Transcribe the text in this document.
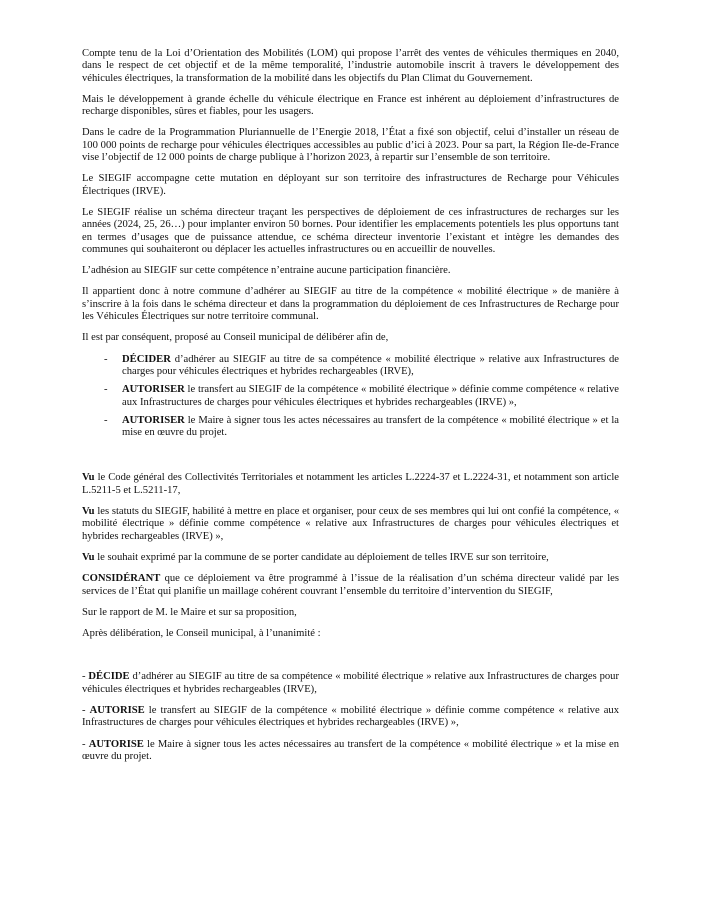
Compte tenu de la Loi d’Orientation des Mobilités (LOM) qui propose l’arrêt des ventes de véhicules thermiques en 2040, dans le respect de cet objectif et de la même temporalité, l’industrie automobile inscrit à travers le développement des véhicules électriques, la transformation de la mobilité dans les objectifs du Plan Climat du Gouvernement.

Mais le développement à grande échelle du véhicule électrique en France est inhérent au déploiement d’infrastructures de recharge disponibles, sûres et fiables, pour les usagers.

Dans le cadre de la Programmation Pluriannuelle de l’Energie 2018, l’État a fixé son objectif, celui d’installer un réseau de 100 000 points de recharge pour véhicules électriques accessibles au public d’ici à 2023. Pour sa part, la Région Ile-de-France vise l’objectif de 12 000 points de charge publique à l’horizon 2023, à repartir sur l’ensemble de son territoire.

Le SIEGIF accompagne cette mutation en déployant sur son territoire des infrastructures de Recharge pour Véhicules Électriques (IRVE).

Le SIEGIF réalise un schéma directeur traçant les perspectives de déploiement de ces infrastructures de recharges sur les années (2024, 25, 26…) pour implanter environ 50 bornes. Pour identifier les emplacements potentiels les plus opportuns tant en termes d’usages que de puissance attendue, ce schéma directeur inventorie l’existant et intègre les demandes des communes qui souhaiteront ou déplacer les actuelles infrastructures ou en accueillir de nouvelles.

L’adhésion au SIEGIF sur cette compétence n’entraine aucune participation financière.

Il appartient donc à notre commune d’adhérer au SIEGIF au titre de la compétence « mobilité électrique » de manière à s’inscrire à la fois dans le schéma directeur et dans la programmation du déploiement de ces Infrastructures de Recharge pour les Véhicules Électriques sur notre territoire communal.

Il est par conséquent, proposé au Conseil municipal de délibérer afin de,

- DÉCIDER d’adhérer au SIEGIF au titre de sa compétence « mobilité électrique » relative aux Infrastructures de charges pour véhicules électriques et hybrides rechargeables (IRVE),
- AUTORISER le transfert au SIEGIF de la compétence « mobilité électrique » définie comme compétence « relative aux Infrastructures de charges pour véhicules électriques et hybrides rechargeables (IRVE) »,
- AUTORISER le Maire à signer tous les actes nécessaires au transfert de la compétence « mobilité électrique » et la mise en œuvre du projet.

Vu le Code général des Collectivités Territoriales et notamment les articles L.2224-37 et L.2224-31, et notamment son article L.5211-5 et L.5211-17,

Vu les statuts du SIEGIF, habilité à mettre en place et organiser, pour ceux de ses membres qui lui ont confié la compétence, « mobilité électrique » définie comme compétence « relative aux Infrastructures de charges pour véhicules électriques et hybrides rechargeables (IRVE) »,

Vu le souhait exprimé par la commune de se porter candidate au déploiement de telles IRVE sur son territoire,

CONSIDÉRANT que ce déploiement va être programmé à l’issue de la réalisation d’un schéma directeur validé par les services de l’État qui planifie un maillage cohérent couvrant l’ensemble du territoire d’intervention du SIEGIF,

Sur le rapport de M. le Maire et sur sa proposition,

Après délibération, le Conseil municipal, à l’unanimité :

- DÉCIDE d’adhérer au SIEGIF au titre de sa compétence « mobilité électrique » relative aux Infrastructures de charges pour véhicules électriques et hybrides rechargeables (IRVE),

- AUTORISE le transfert au SIEGIF de la compétence « mobilité électrique » définie comme compétence « relative aux Infrastructures de charges pour véhicules électriques et hybrides rechargeables (IRVE) »,

- AUTORISE le Maire à signer tous les actes nécessaires au transfert de la compétence « mobilité électrique » et la mise en œuvre du projet.
